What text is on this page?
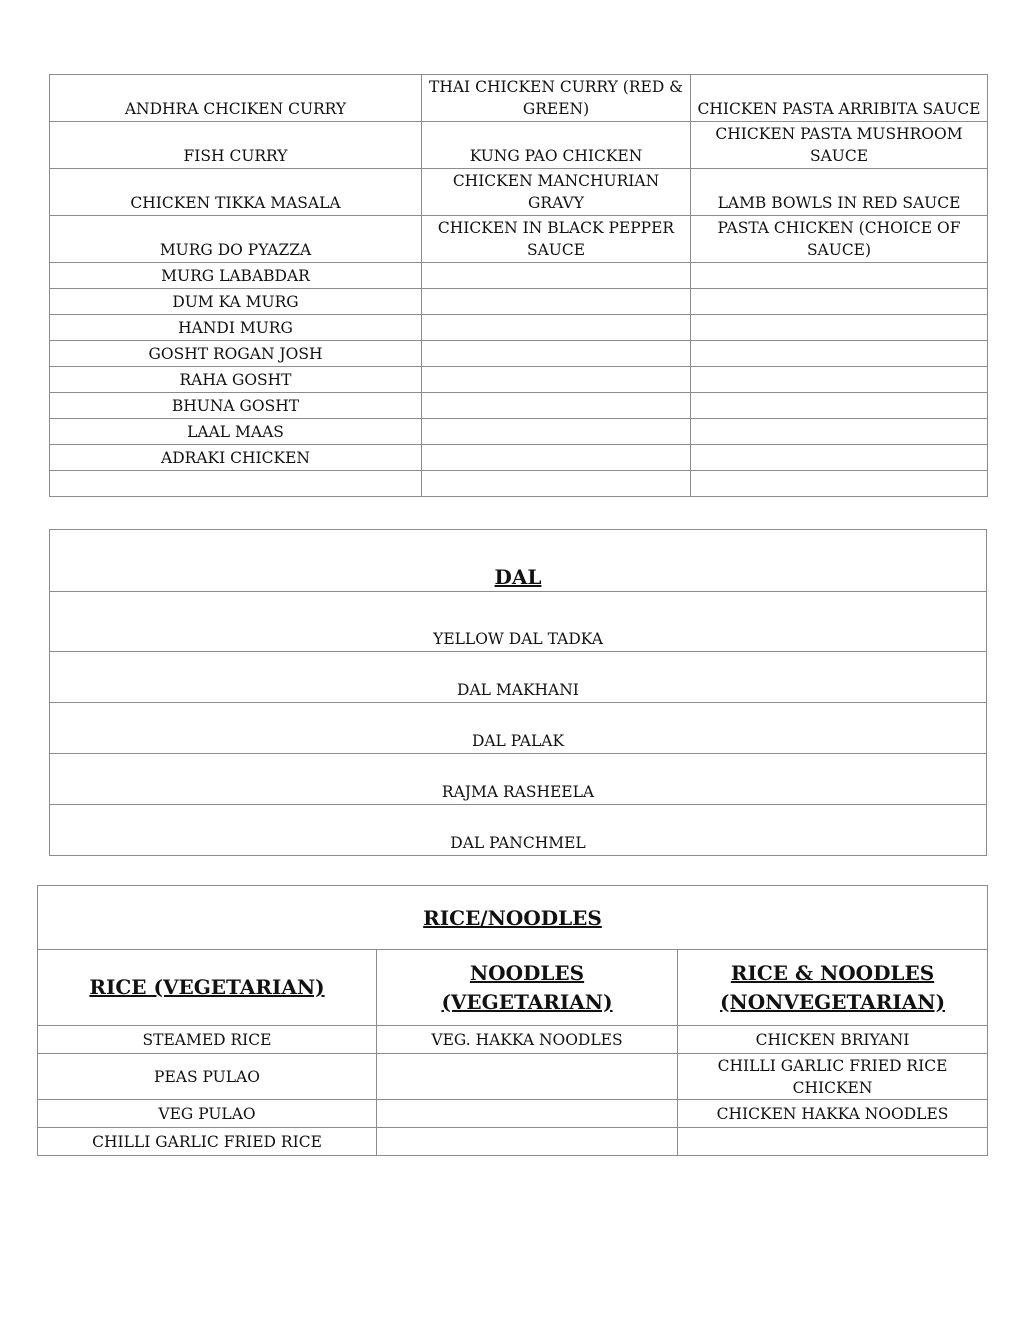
ANDHRA CHCIKEN CURRY	THAI CHICKEN CURRY (RED & GREEN)	CHICKEN PASTA ARRIBITA SAUCE
FISH CURRY	KUNG PAO CHICKEN	CHICKEN PASTA MUSHROOM SAUCE
CHICKEN TIKKA MASALA	CHICKEN MANCHURIAN GRAVY	LAMB BOWLS IN RED SAUCE
MURG DO PYAZZA	CHICKEN IN BLACK PEPPER SAUCE	PASTA CHICKEN (CHOICE OF SAUCE)
MURG LABABDAR		
DUM KA MURG		
HANDI MURG		
GOSHT ROGAN JOSH		
RAHA GOSHT		
BHUNA GOSHT		
LAAL MAAS		
ADRAKI CHICKEN		

DAL
YELLOW DAL TADKA
DAL MAKHANI
DAL PALAK
RAJMA RASHEELA
DAL PANCHMEL
RICE/NOODLES		
RICE (VEGETARIAN)	NOODLES (VEGETARIAN)	RICE & NOODLES (NONVEGETARIAN)
STEAMED RICE	VEG. HAKKA NOODLES	CHICKEN BRIYANI
PEAS PULAO		CHILLI GARLIC FRIED RICE CHICKEN
VEG PULAO		CHICKEN HAKKA NOODLES
CHILLI GARLIC FRIED RICE		
